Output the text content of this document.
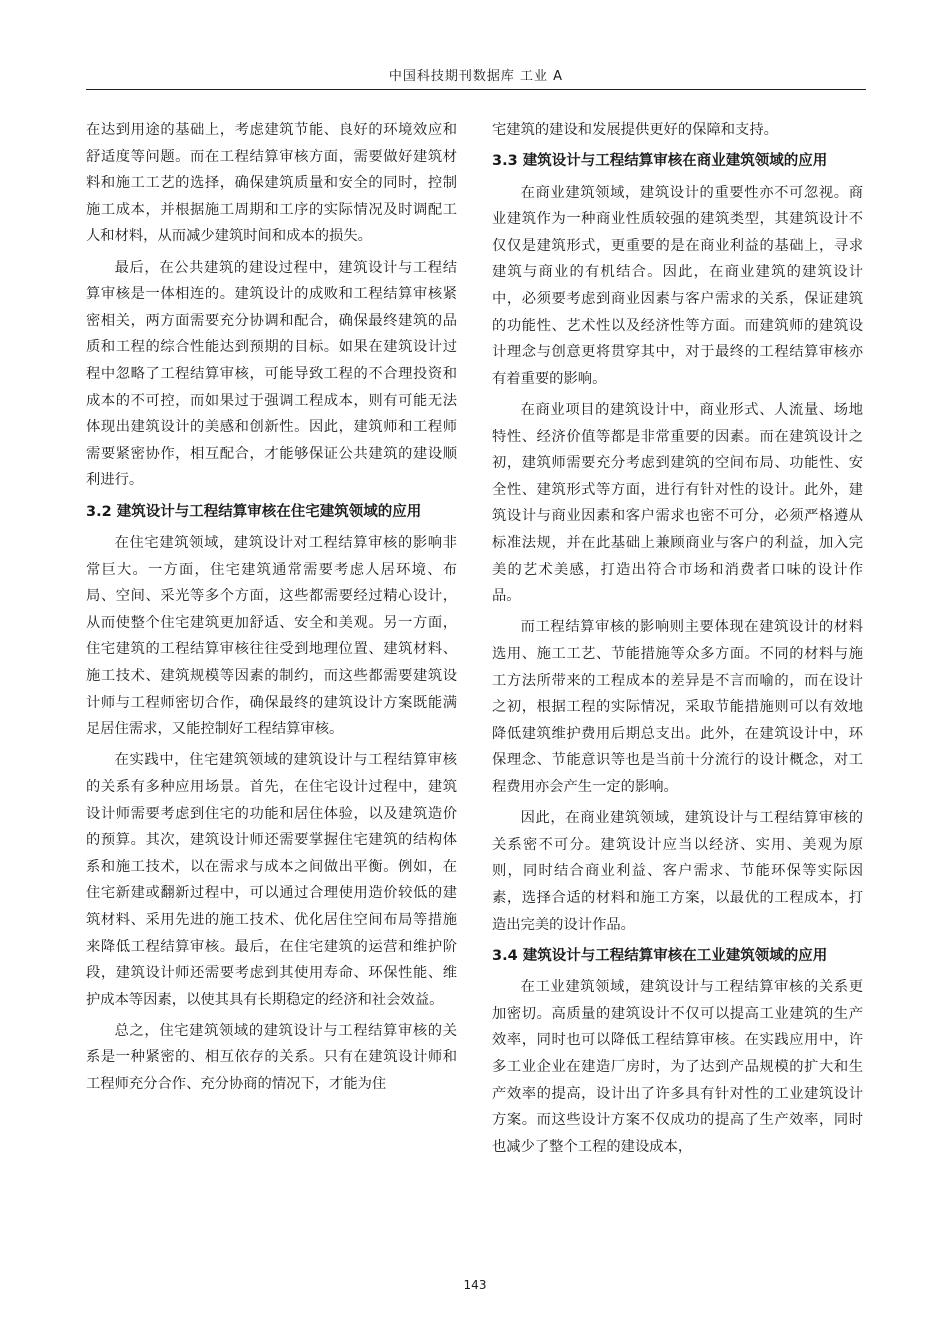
中国科技期刊数据库 工业 A

在达到用途的基础上，考虑建筑节能、良好的环境效应和舒适度等问题。而在工程结算审核方面，需要做好建筑材料和施工工艺的选择，确保建筑质量和安全的同时，控制施工成本，并根据施工周期和工序的实际情况及时调配工人和材料，从而减少建筑时间和成本的损失。

最后，在公共建筑的建设过程中，建筑设计与工程结算审核是一体相连的。建筑设计的成败和工程结算审核紧密相关，两方面需要充分协调和配合，确保最终建筑的品质和工程的综合性能达到预期的目标。如果在建筑设计过程中忽略了工程结算审核，可能导致工程的不合理投资和成本的不可控，而如果过于强调工程成本，则有可能无法体现出建筑设计的美感和创新性。因此，建筑师和工程师需要紧密协作，相互配合，才能够保证公共建筑的建设顺利进行。

3.2 建筑设计与工程结算审核在住宅建筑领域的应用

在住宅建筑领域，建筑设计对工程结算审核的影响非常巨大。一方面，住宅建筑通常需要考虑人居环境、布局、空间、采光等多个方面，这些都需要经过精心设计，从而使整个住宅建筑更加舒适、安全和美观。另一方面，住宅建筑的工程结算审核往往受到地理位置、建筑材料、施工技术、建筑规模等因素的制约，而这些都需要建筑设计师与工程师密切合作，确保最终的建筑设计方案既能满足居住需求，又能控制好工程结算审核。

在实践中，住宅建筑领域的建筑设计与工程结算审核的关系有多种应用场景。首先，在住宅设计过程中，建筑设计师需要考虑到住宅的功能和居住体验，以及建筑造价的预算。其次，建筑设计师还需要掌握住宅建筑的结构体系和施工技术，以在需求与成本之间做出平衡。例如，在住宅新建或翻新过程中，可以通过合理使用造价较低的建筑材料、采用先进的施工技术、优化居住空间布局等措施来降低工程结算审核。最后，在住宅建筑的运营和维护阶段，建筑设计师还需要考虑到其使用寿命、环保性能、维护成本等因素，以使其具有长期稳定的经济和社会效益。

总之，住宅建筑领域的建筑设计与工程结算审核的关系是一种紧密的、相互依存的关系。只有在建筑设计师和工程师充分合作、充分协商的情况下，才能为住

宅建筑的建设和发展提供更好的保障和支持。

3.3 建筑设计与工程结算审核在商业建筑领域的应用

在商业建筑领域，建筑设计的重要性亦不可忽视。商业建筑作为一种商业性质较强的建筑类型，其建筑设计不仅仅是建筑形式，更重要的是在商业利益的基础上，寻求建筑与商业的有机结合。因此，在商业建筑的建筑设计中，必须要考虑到商业因素与客户需求的关系，保证建筑的功能性、艺术性以及经济性等方面。而建筑师的建筑设计理念与创意更将贯穿其中，对于最终的工程结算审核亦有着重要的影响。

在商业项目的建筑设计中，商业形式、人流量、场地特性、经济价值等都是非常重要的因素。而在建筑设计之初，建筑师需要充分考虑到建筑的空间布局、功能性、安全性、建筑形式等方面，进行有针对性的设计。此外，建筑设计与商业因素和客户需求也密不可分，必须严格遵从标准法规，并在此基础上兼顾商业与客户的利益，加入完美的艺术美感，打造出符合市场和消费者口味的设计作品。

而工程结算审核的影响则主要体现在建筑设计的材料选用、施工工艺、节能措施等众多方面。不同的材料与施工方法所带来的工程成本的差异是不言而喻的，而在设计之初，根据工程的实际情况，采取节能措施则可以有效地降低建筑维护费用后期总支出。此外，在建筑设计中，环保理念、节能意识等也是当前十分流行的设计概念，对工程费用亦会产生一定的影响。

因此，在商业建筑领域，建筑设计与工程结算审核的关系密不可分。建筑设计应当以经济、实用、美观为原则，同时结合商业利益、客户需求、节能环保等实际因素，选择合适的材料和施工方案，以最优的工程成本，打造出完美的设计作品。

3.4 建筑设计与工程结算审核在工业建筑领域的应用

在工业建筑领域，建筑设计与工程结算审核的关系更加密切。高质量的建筑设计不仅可以提高工业建筑的生产效率，同时也可以降低工程结算审核。在实践应用中，许多工业企业在建造厂房时，为了达到产品规模的扩大和生产效率的提高，设计出了许多具有针对性的工业建筑设计方案。而这些设计方案不仅成功的提高了生产效率，同时也减少了整个工程的建设成本，

143
